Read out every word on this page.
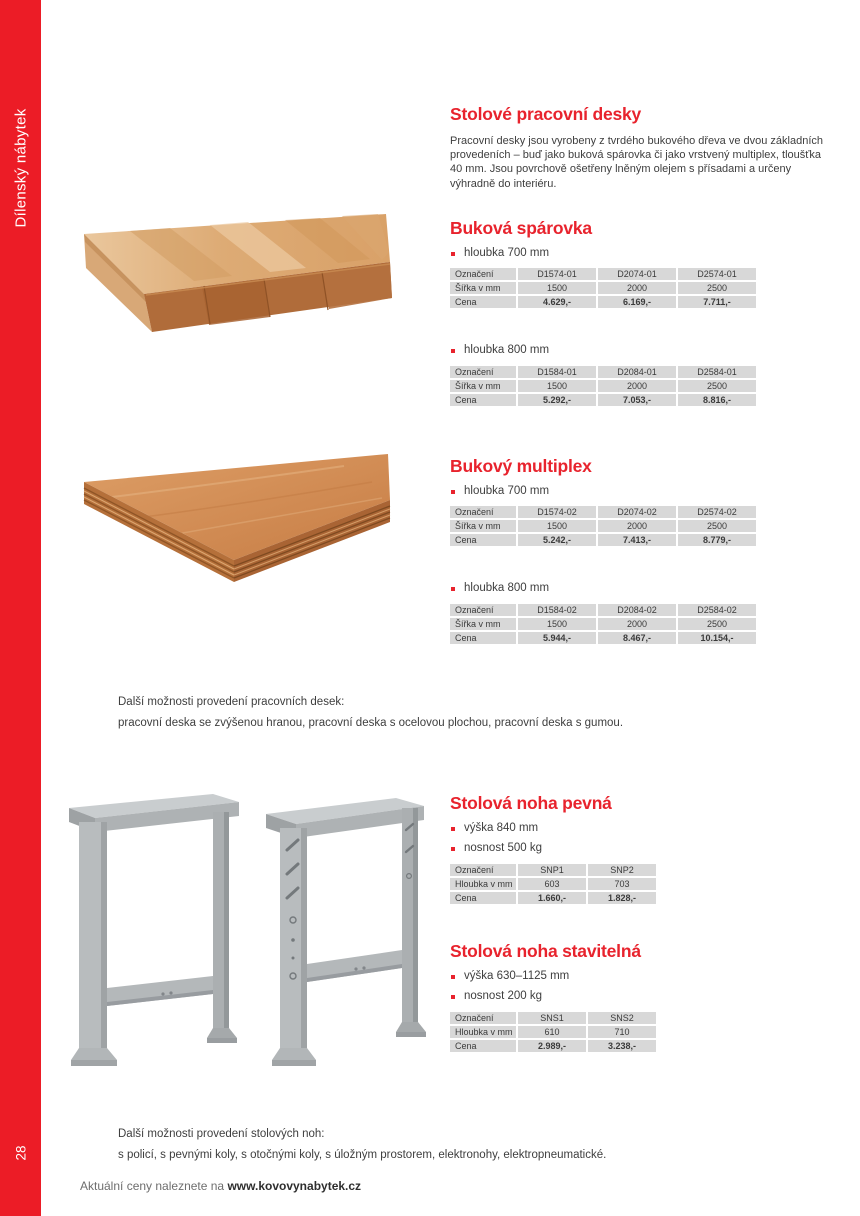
Dílenský nábytek
28
Stolové pracovní desky
Pracovní desky jsou vyrobeny z tvrdého bukového dřeva ve dvou základních provedeních – buď jako buková spárovka či jako vrstvený multiplex, tloušťka 40 mm. Jsou povrchově ošetřeny lněným olejem s přísadami a určeny výhradně do interiéru.
Buková spárovka
hloubka 700 mm
Označení	D1574-01	D2074-01	D2574-01
Šířka v mm	1500	2000	2500
Cena	4.629,-	6.169,-	7.711,-
hloubka 800 mm
Označení	D1584-01	D2084-01	D2584-01
Šířka v mm	1500	2000	2500
Cena	5.292,-	7.053,-	8.816,-
Bukový multiplex
hloubka 700 mm
Označení	D1574-02	D2074-02	D2574-02
Šířka v mm	1500	2000	2500
Cena	5.242,-	7.413,-	8.779,-
hloubka 800 mm
Označení	D1584-02	D2084-02	D2584-02
Šířka v mm	1500	2000	2500
Cena	5.944,-	8.467,-	10.154,-
Další možnosti provedení pracovních desek:
pracovní deska se zvýšenou hranou, pracovní deska s ocelovou plochou, pracovní deska s gumou.
Stolová noha pevná
výška 840 mm
nosnost 500 kg
Označení	SNP1	SNP2
Hloubka v mm	603	703
Cena	1.660,-	1.828,-
Stolová noha stavitelná
výška 630–1125 mm
nosnost 200 kg
Označení	SNS1	SNS2
Hloubka v mm	610	710
Cena	2.989,-	3.238,-
Další možnosti provedení stolových noh:
s policí, s pevnými koly, s otočnými koly, s úložným prostorem, elektronohy, elektropneumatické.
Aktuální ceny naleznete na www.kovovynabytek.cz
